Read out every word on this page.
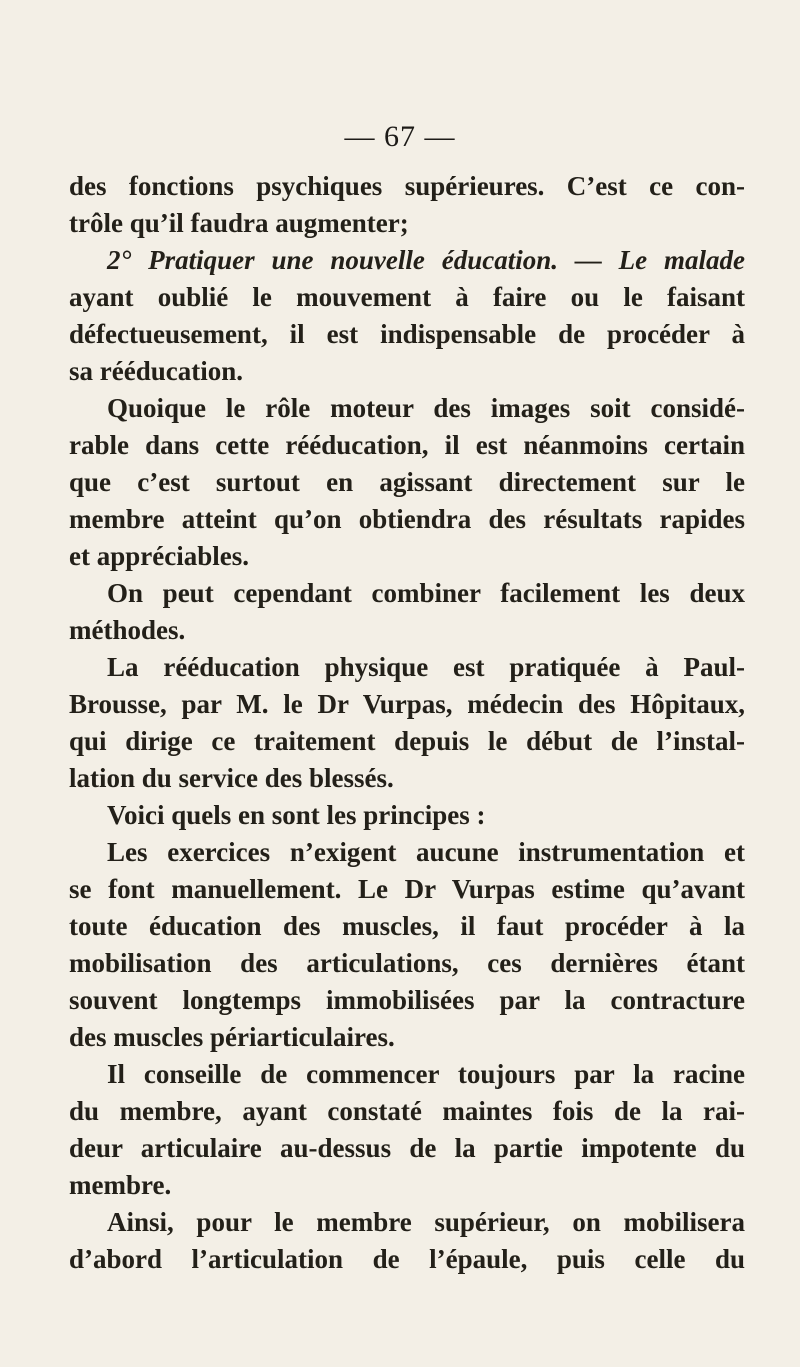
— 67 —
des fonctions psychiques supérieures. C’est ce con-
trôle qu’il faudra augmenter;
2° Pratiquer une nouvelle éducation. — Le malade
ayant oublié le mouvement à faire ou le faisant
défectueusement, il est indispensable de procéder à
sa rééducation.
Quoique le rôle moteur des images soit considé-
rable dans cette rééducation, il est néanmoins certain
que c’est surtout en agissant directement sur le
membre atteint qu’on obtiendra des résultats rapides
et appréciables.
On peut cependant combiner facilement les deux
méthodes.
La rééducation physique est pratiquée à Paul-
Brousse, par M. le Dr Vurpas, médecin des Hôpitaux,
qui dirige ce traitement depuis le début de l’instal-
lation du service des blessés.
Voici quels en sont les principes :
Les exercices n’exigent aucune instrumentation et
se font manuellement. Le Dr Vurpas estime qu’avant
toute éducation des muscles, il faut procéder à la
mobilisation des articulations, ces dernières étant
souvent longtemps immobilisées par la contracture
des muscles périarticulaires.
Il conseille de commencer toujours par la racine
du membre, ayant constaté maintes fois de la rai-
deur articulaire au-dessus de la partie impotente du
membre.
Ainsi, pour le membre supérieur, on mobilisera
d’abord l’articulation de l’épaule, puis celle du
